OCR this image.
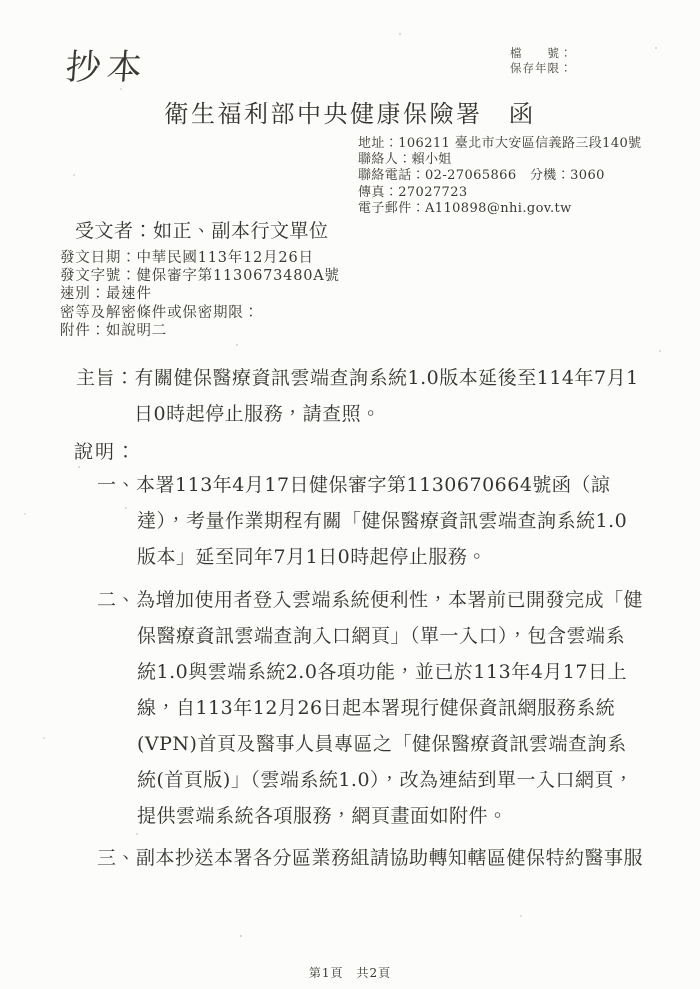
抄本	檔　　號：
保存年限：
衛生福利部中央健康保險署　函
地址：106211 臺北市大安區信義路三段140號
聯絡人：賴小姐
聯絡電話：02-27065866　分機：3060
傳真：27027723
電子郵件：A110898@nhi.gov.tw
受文者：如正、副本行文單位
發文日期：中華民國113年12月26日
發文字號：健保審字第1130673480A號
速別：最速件
密等及解密條件或保密期限：
附件：如說明二
主旨：有關健保醫療資訊雲端查詢系統1.0版本延後至114年7月1日0時起停止服務，請查照。
說明：
一、本署113年4月17日健保審字第1130670664號函（諒達），考量作業期程有關「健保醫療資訊雲端查詢系統1.0版本」延至同年7月1日0時起停止服務。
二、為增加使用者登入雲端系統便利性，本署前已開發完成「健保醫療資訊雲端查詢入口網頁」（單一入口），包含雲端系統1.0與雲端系統2.0各項功能，並已於113年4月17日上線，自113年12月26日起本署現行健保資訊網服務系統(VPN)首頁及醫事人員專區之「健保醫療資訊雲端查詢系統(首頁版)」（雲端系統1.0），改為連結到單一入口網頁，提供雲端系統各項服務，網頁畫面如附件。
三、副本抄送本署各分區業務組請協助轉知轄區健保特約醫事服
第1頁　共2頁
